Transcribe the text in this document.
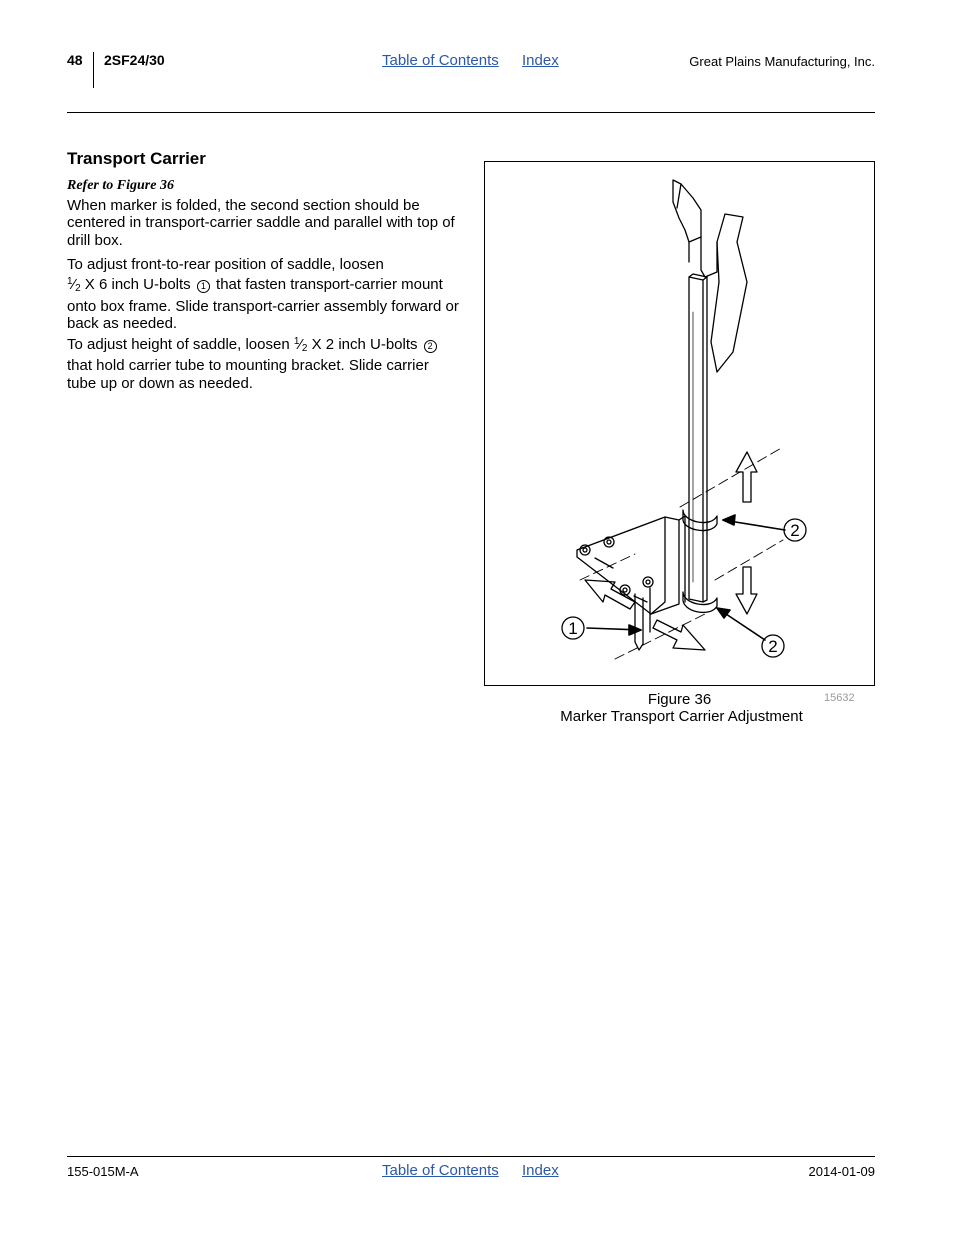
48 2SF24/30	Table of Contents Index	Great Plains Manufacturing, Inc.
Transport Carrier
Refer to Figure 36
When marker is folded, the second section should be centered in transport-carrier saddle and parallel with top of drill box.
To adjust front-to-rear position of saddle, loosen
$^1⁄_2$ X 6 inch U-bolts 1 that fasten transport-carrier mount onto box frame. Slide transport-carrier assembly forward or back as needed.
To adjust height of saddle, loosen $^1⁄_2$ X 2 inch U-bolts 2 that hold carrier tube to mounting bracket. Slide carrier tube up or down as needed.
2
1
2
Figure 36
Marker Transport Carrier Adjustment
15632
155-015M-A	Table of Contents Index	2014-01-09
